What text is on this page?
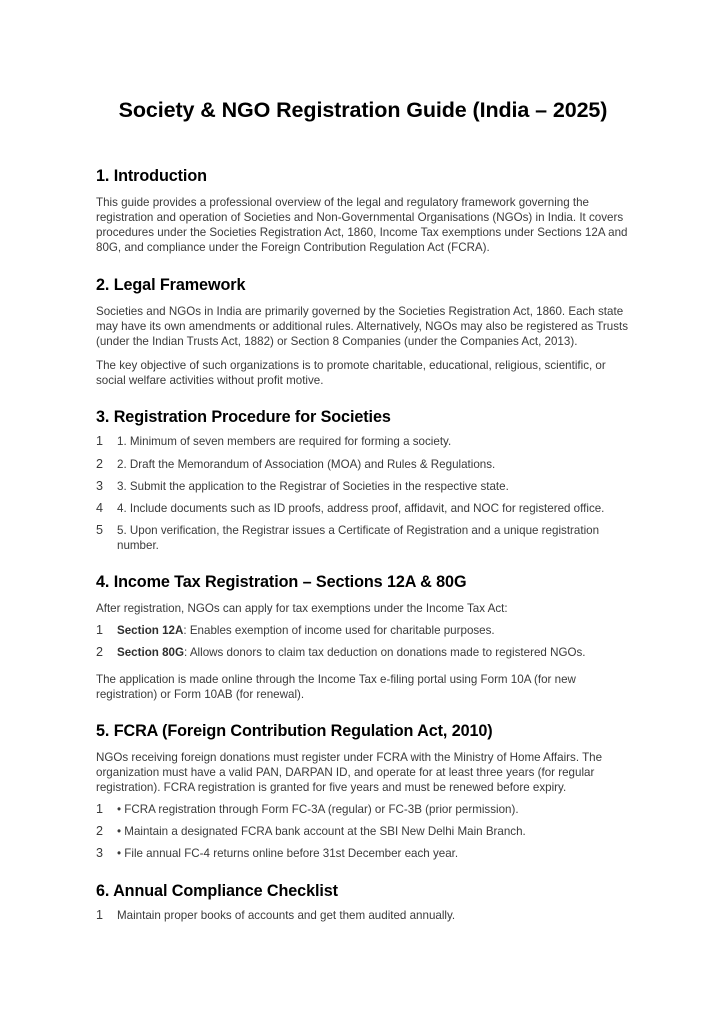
Society & NGO Registration Guide (India – 2025)
1. Introduction

This guide provides a professional overview of the legal and regulatory framework governing the registration and operation of Societies and Non-Governmental Organisations (NGOs) in India. It covers procedures under the Societies Registration Act, 1860, Income Tax exemptions under Sections 12A and 80G, and compliance under the Foreign Contribution Regulation Act (FCRA).

2. Legal Framework

Societies and NGOs in India are primarily governed by the Societies Registration Act, 1860. Each state may have its own amendments or additional rules. Alternatively, NGOs may also be registered as Trusts (under the Indian Trusts Act, 1882) or Section 8 Companies (under the Companies Act, 2013).

The key objective of such organizations is to promote charitable, educational, religious, scientific, or social welfare activities without profit motive.

3. Registration Procedure for Societies
1. Minimum of seven members are required for forming a society.
2. Draft the Memorandum of Association (MOA) and Rules & Regulations.
3. Submit the application to the Registrar of Societies in the respective state.
4. Include documents such as ID proofs, address proof, affidavit, and NOC for registered office.
5. Upon verification, the Registrar issues a Certificate of Registration and a unique registration number.
4. Income Tax Registration – Sections 12A & 80G

After registration, NGOs can apply for tax exemptions under the Income Tax Act:

Section 12A: Enables exemption of income used for charitable purposes.
Section 80G: Allows donors to claim tax deduction on donations made to registered NGOs.

The application is made online through the Income Tax e-filing portal using Form 10A (for new registration) or Form 10AB (for renewal).

5. FCRA (Foreign Contribution Regulation Act, 2010)

NGOs receiving foreign donations must register under FCRA with the Ministry of Home Affairs. The organization must have a valid PAN, DARPAN ID, and operate for at least three years (for regular registration). FCRA registration is granted for five years and must be renewed before expiry.

• FCRA registration through Form FC-3A (regular) or FC-3B (prior permission).
• Maintain a designated FCRA bank account at the SBI New Delhi Main Branch.
• File annual FC-4 returns online before 31st December each year.
6. Annual Compliance Checklist
Maintain proper books of accounts and get them audited annually.
